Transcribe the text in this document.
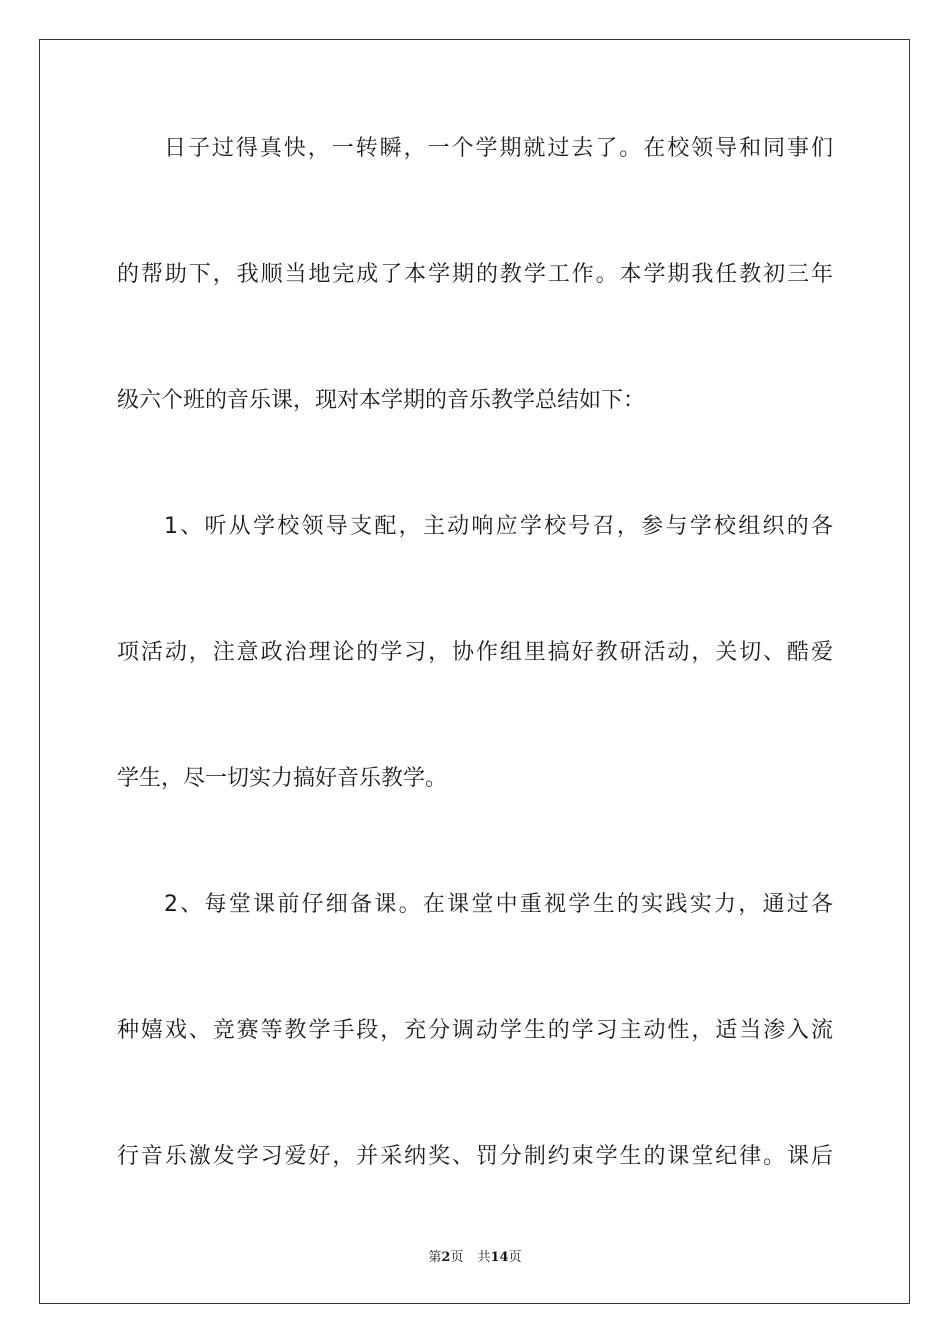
日子过得真快，一转瞬，一个学期就过去了。在校领导和同事们
的帮助下，我顺当地完成了本学期的教学工作。本学期我任教初三年
级六个班的音乐课，现对本学期的音乐教学总结如下：
1、听从学校领导支配，主动响应学校号召，参与学校组织的各
项活动，注意政治理论的学习，协作组里搞好教研活动，关切、酷爱
学生，尽一切实力搞好音乐教学。
2、每堂课前仔细备课。在课堂中重视学生的实践实力，通过各
种嬉戏、竞赛等教学手段，充分调动学生的学习主动性，适当渗入流
行音乐激发学习爱好，并采纳奖、罚分制约束学生的课堂纪律。课后
第2页 共14页
